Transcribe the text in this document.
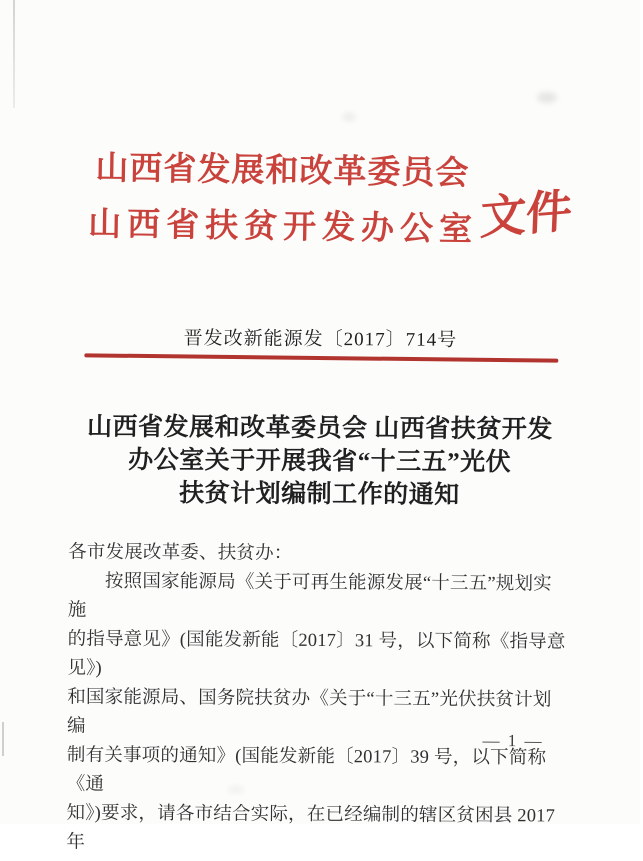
山西省发展和改革委员会
山西省扶贫开发办公室 文件
晋发改新能源发〔2017〕714号
山西省发展和改革委员会 山西省扶贫开发
办公室关于开展我省“十三五”光伏
扶贫计划编制工作的通知
各市发展改革委、扶贫办：
按照国家能源局《关于可再生能源发展“十三五”规划实施
的指导意见》(国能发新能〔2017〕31 号，以下简称《指导意见》)
和国家能源局、国务院扶贫办《关于“十三五”光伏扶贫计划编
制有关事项的通知》(国能发新能〔2017〕39 号，以下简称《通
知》)要求，请各市结合实际，在已经编制的辖区贫困县 2017 年
— 1 —
